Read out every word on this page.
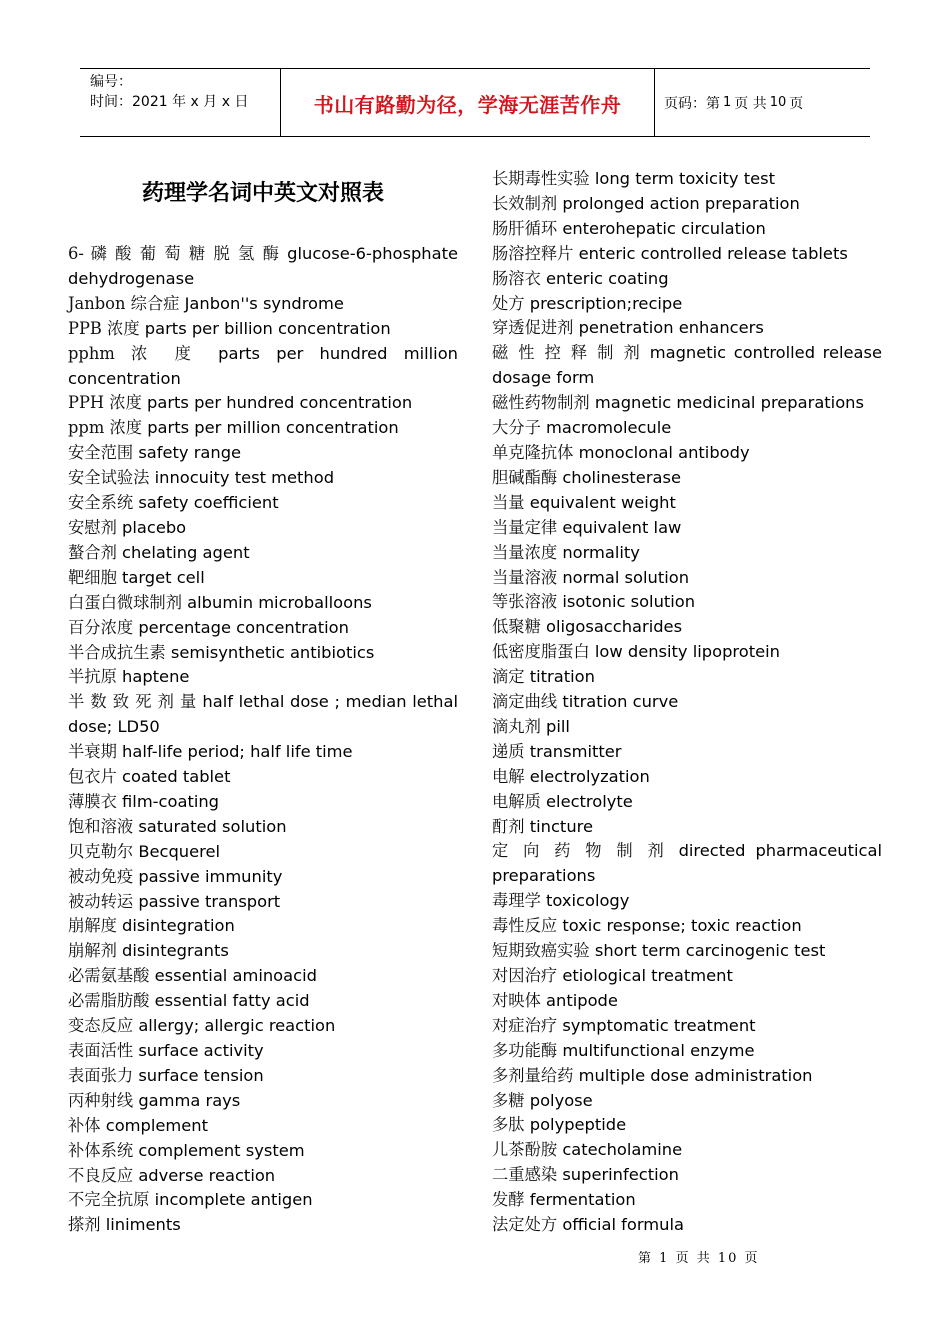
编号：
时间：2021 年 x 月 x 日	书山有路勤为径，学海无涯苦作舟	页码：第 1 页 共 10 页
药理学名词中英文对照表
6- 磷 酸 葡 萄 糖 脱 氢 酶 glucose-6-phosphate dehydrogenase
Janbon 综合症 Janbon''s syndrome
PPB 浓度 parts per billion concentration
pphm 浓 度 parts per hundred million concentration
PPH 浓度 parts per hundred concentration
ppm 浓度 parts per million concentration
安全范围 safety range
安全试验法 innocuity test method
安全系统 safety coefficient
安慰剂 placebo
螯合剂 chelating agent
靶细胞 target cell
白蛋白微球制剂 albumin microballoons
百分浓度 percentage concentration
半合成抗生素 semisynthetic antibiotics
半抗原 haptene
半 数 致 死 剂 量 half lethal dose ; median lethal dose; LD50
半衰期 half-life period; half life time
包衣片 coated tablet
薄膜衣 film-coating
饱和溶液 saturated solution
贝克勒尔 Becquerel
被动免疫 passive immunity
被动转运 passive transport
崩解度 disintegration
崩解剂 disintegrants
必需氨基酸 essential aminoacid
必需脂肪酸 essential fatty acid
变态反应 allergy; allergic reaction
表面活性 surface activity
表面张力 surface tension
丙种射线 gamma rays
补体 complement
补体系统 complement system
不良反应 adverse reaction
不完全抗原 incomplete antigen
搽剂 liniments
长期毒性实验 long term toxicity test
长效制剂 prolonged action preparation
肠肝循环 enterohepatic circulation
肠溶控释片 enteric controlled release tablets
肠溶衣 enteric coating
处方 prescription;recipe
穿透促进剂 penetration enhancers
磁 性 控 释 制 剂 magnetic controlled release dosage form
磁性药物制剂 magnetic medicinal preparations
大分子 macromolecule
单克隆抗体 monoclonal antibody
胆碱酯酶 cholinesterase
当量 equivalent weight
当量定律 equivalent law
当量浓度 normality
当量溶液 normal solution
等张溶液 isotonic solution
低聚糖 oligosaccharides
低密度脂蛋白 low density lipoprotein
滴定 titration
滴定曲线 titration curve
滴丸剂 pill
递质 transmitter
电解 electrolyzation
电解质 electrolyte
酊剂 tincture
定 向 药 物 制 剂 directed pharmaceutical preparations
毒理学 toxicology
毒性反应 toxic response; toxic reaction
短期致癌实验 short term carcinogenic test
对因治疗 etiological treatment
对映体 antipode
对症治疗 symptomatic treatment
多功能酶 multifunctional enzyme
多剂量给药 multiple dose administration
多糖 polyose
多肽 polypeptide
儿茶酚胺 catecholamine
二重感染 superinfection
发酵 fermentation
法定处方 official formula
第 1 页 共 10 页
